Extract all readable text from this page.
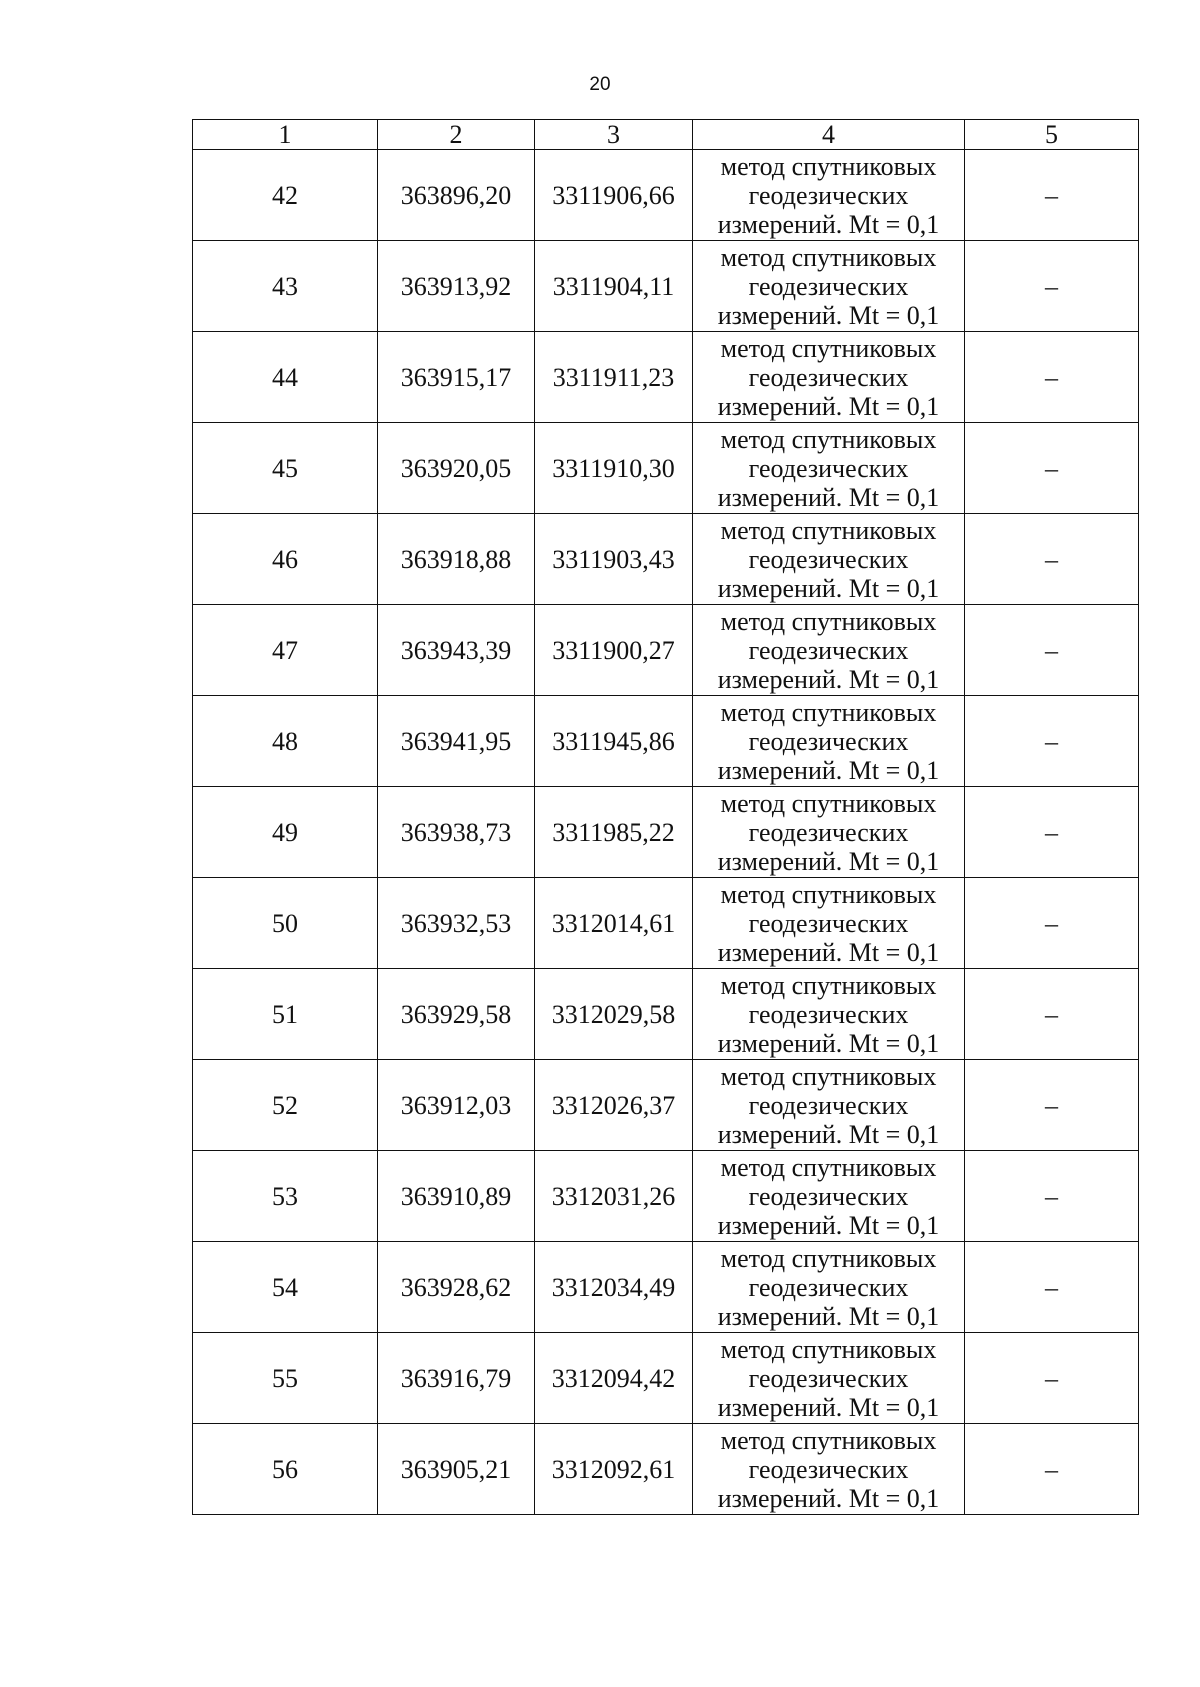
20
1	2	3	4	5
42	363896,20	3311906,66	метод спутниковых
геодезических
измерений. Mt = 0,1	–
43	363913,92	3311904,11	метод спутниковых
геодезических
измерений. Mt = 0,1	–
44	363915,17	3311911,23	метод спутниковых
геодезических
измерений. Mt = 0,1	–
45	363920,05	3311910,30	метод спутниковых
геодезических
измерений. Mt = 0,1	–
46	363918,88	3311903,43	метод спутниковых
геодезических
измерений. Mt = 0,1	–
47	363943,39	3311900,27	метод спутниковых
геодезических
измерений. Mt = 0,1	–
48	363941,95	3311945,86	метод спутниковых
геодезических
измерений. Mt = 0,1	–
49	363938,73	3311985,22	метод спутниковых
геодезических
измерений. Mt = 0,1	–
50	363932,53	3312014,61	метод спутниковых
геодезических
измерений. Mt = 0,1	–
51	363929,58	3312029,58	метод спутниковых
геодезических
измерений. Mt = 0,1	–
52	363912,03	3312026,37	метод спутниковых
геодезических
измерений. Mt = 0,1	–
53	363910,89	3312031,26	метод спутниковых
геодезических
измерений. Mt = 0,1	–
54	363928,62	3312034,49	метод спутниковых
геодезических
измерений. Mt = 0,1	–
55	363916,79	3312094,42	метод спутниковых
геодезических
измерений. Mt = 0,1	–
56	363905,21	3312092,61	метод спутниковых
геодезических
измерений. Mt = 0,1	–
